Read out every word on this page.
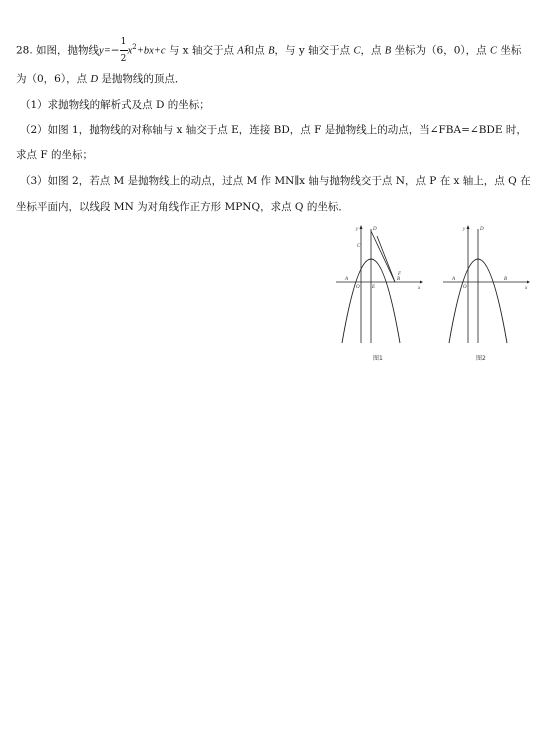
28. 如图，抛物线$y=- \frac{1}{2} x^2+bx+c$ 与 x 轴交于点 A和点 B，与 y 轴交于点 C，点 B 坐标为（6，0），点 C 坐标
为（0，6），点 D 是抛物线的顶点．
（1）求抛物线的解析式及点 D 的坐标；
（2）如图 1，抛物线的对称轴与 x 轴交于点 E，连接 BD，点 F 是抛物线上的动点，当∠FBA=∠BDE 时，
求点 F 的坐标；
（3）如图 2，若点 M 是抛物线上的动点，过点 M 作 MN∥x 轴与抛物线交于点 N，点 P 在 x 轴上，点 Q 在
坐标平面内，以线段 MN 为对角线作正方形 MPNQ，求点 Q 的坐标．
y
x
O
A	B
C
D
E
F
图1
y
x
O
A	B
D
图2
